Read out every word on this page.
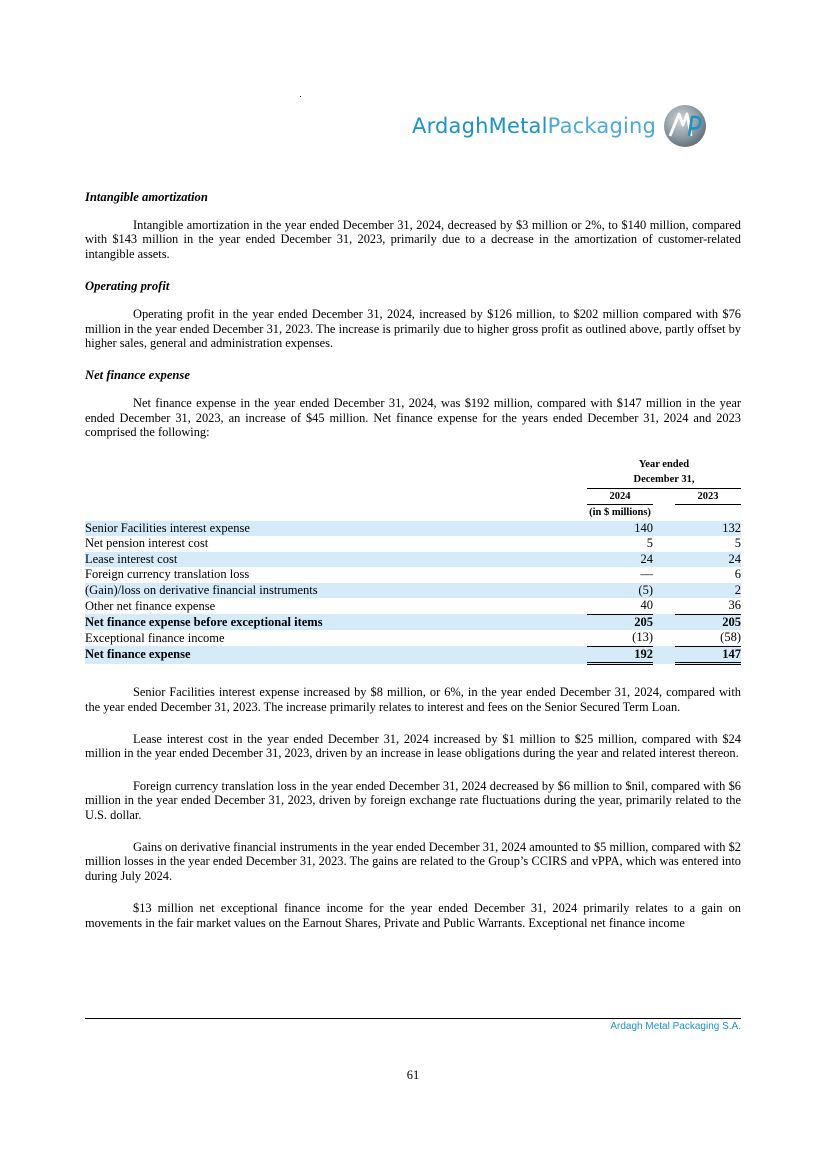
ArdaghMetalPackaging
Intangible amortization

Intangible amortization in the year ended December 31, 2024, decreased by $3 million or 2%, to $140 million, compared with $143 million in the year ended December 31, 2023, primarily due to a decrease in the amortization of customer-related intangible assets.

Operating profit

Operating profit in the year ended December 31, 2024, increased by $126 million, to $202 million compared with $76 million in the year ended December 31, 2023. The increase is primarily due to higher gross profit as outlined above, partly offset by higher sales, general and administration expenses.

Net finance expense

Net finance expense in the year ended December 31, 2024, was $192 million, compared with $147 million in the year ended December 31, 2023, an increase of $45 million. Net finance expense for the years ended December 31, 2024 and 2023 comprised the following:

		Year ended		
		December 31,		
		2024		2023
		(in $ millions)		
Senior Facilities interest expense		140		132
Net pension interest cost		5		5
Lease interest cost		24		24
Foreign currency translation loss		—		6
(Gain)/loss on derivative financial instruments		(5)		2
Other net finance expense		40		36
Net finance expense before exceptional items		205		205
Exceptional finance income		(13)		(58)
Net finance expense		192		147

Senior Facilities interest expense increased by $8 million, or 6%, in the year ended December 31, 2024, compared with the year ended December 31, 2023. The increase primarily relates to interest and fees on the Senior Secured Term Loan.

Lease interest cost in the year ended December 31, 2024 increased by $1 million to $25 million, compared with $24 million in the year ended December 31, 2023, driven by an increase in lease obligations during the year and related interest thereon.

Foreign currency translation loss in the year ended December 31, 2024 decreased by $6 million to $nil, compared with $6 million in the year ended December 31, 2023, driven by foreign exchange rate fluctuations during the year, primarily related to the U.S. dollar.

Gains on derivative financial instruments in the year ended December 31, 2024 amounted to $5 million, compared with $2 million losses in the year ended December 31, 2023. The gains are related to the Group’s CCIRS and vPPA, which was entered into during July 2024.

$13 million net exceptional finance income for the year ended December 31, 2024 primarily relates to a gain on movements in the fair market values on the Earnout Shares, Private and Public Warrants. Exceptional net finance income

Ardagh Metal Packaging S.A.
61
